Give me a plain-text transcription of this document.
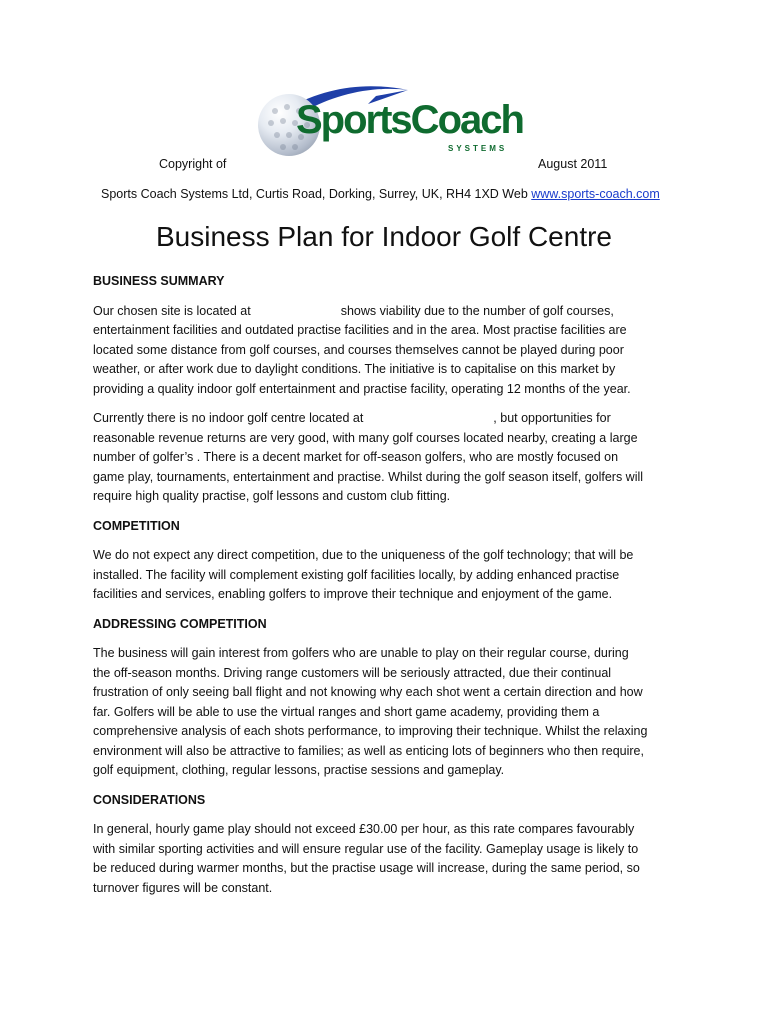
SportsCoach
SYSTEMS
Copyright of	August 2011
Sports Coach Systems Ltd, Curtis Road, Dorking, Surrey, UK, RH4 1XD Web www.sports-coach.com
Business Plan for Indoor Golf Centre
BUSINESS SUMMARY
Our chosen site is located at	shows viability due to the number of golf courses,
entertainment facilities and outdated practise facilities and in the area. Most practise facilities are
located some distance from golf courses, and courses themselves cannot be played during poor
weather, or after work due to daylight conditions. The initiative is to capitalise on this market by
providing a quality indoor golf entertainment and practise facility, operating 12 months of the year.
Currently there is no indoor golf centre located at	, but opportunities for
reasonable revenue returns are very good, with many golf courses located nearby, creating a large
number of golfer’s . There is a decent market for off-season golfers, who are mostly focused on
game play, tournaments, entertainment and practise. Whilst during the golf season itself, golfers will
require high quality practise, golf lessons and custom club fitting.
COMPETITION
We do not expect any direct competition, due to the uniqueness of the golf technology; that will be
installed. The facility will complement existing golf facilities locally, by adding enhanced practise
facilities and services, enabling golfers to improve their technique and enjoyment of the game.
ADDRESSING COMPETITION
The business will gain interest from golfers who are unable to play on their regular course, during
the off-season months. Driving range customers will be seriously attracted, due their continual
frustration of only seeing ball flight and not knowing why each shot went a certain direction and how
far. Golfers will be able to use the virtual ranges and short game academy, providing them a
comprehensive analysis of each shots performance, to improving their technique. Whilst the relaxing
environment will also be attractive to families; as well as enticing lots of beginners who then require,
golf equipment, clothing, regular lessons, practise sessions and gameplay.
CONSIDERATIONS
In general, hourly game play should not exceed £30.00 per hour, as this rate compares favourably
with similar sporting activities and will ensure regular use of the facility. Gameplay usage is likely to
be reduced during warmer months, but the practise usage will increase, during the same period, so
turnover figures will be constant.
